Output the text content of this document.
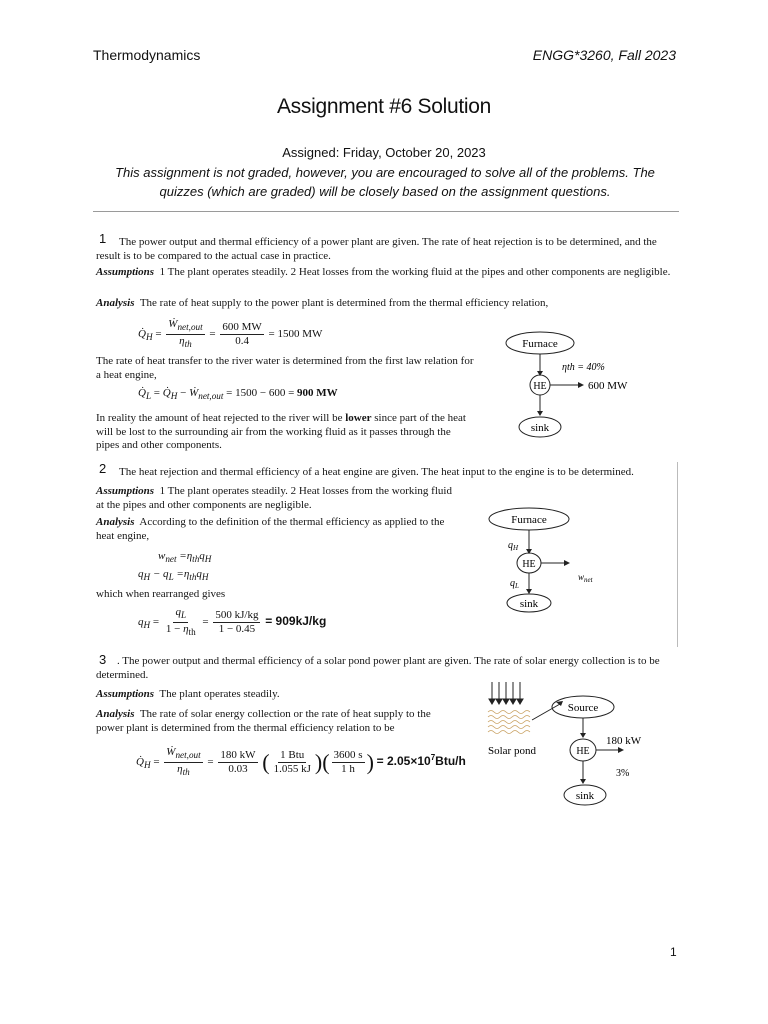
Thermodynamics	ENGG*3260, Fall 2023
Assignment #6 Solution
Assigned: Friday, October 20, 2023
This assignment is not graded, however, you are encouraged to solve all of the problems. The quizzes (which are graded) will be closely based on the assignment questions.
1	The power output and thermal efficiency of a power plant are given. The rate of heat rejection is to be determined, and the result is to be compared to the actual case in practice.
Assumptions 1 The plant operates steadily. 2 Heat losses from the working fluid at the pipes and other components are negligible.
Analysis The rate of heat supply to the power plant is determined from the thermal efficiency relation,
$Q̇_H = \frac{Ẇ_{net,out}}{\eta_{th}} = \frac{600 MW}{0.4} = 1500$ MW
The rate of heat transfer to the river water is determined from the first law relation for a heat engine,
$Q̇_L$ = $Q̇_H$ − Ẇ$_{net,out}$ = 1500 − 600 = 900 MW
In reality the amount of heat rejected to the river will be lower since part of the heat will be lost to the surrounding air from the working fluid as it passes through the pipes and other components.
Furnace
HE
ηth = 40%
600 MW
sink
2 The heat rejection and thermal efficiency of a heat engine are given. The heat input to the engine is to be determined.
Assumptions 1 The plant operates steadily. 2 Heat losses from the working fluid at the pipes and other components are negligible.
Analysis According to the definition of the thermal efficiency as applied to the heat engine,
$w_{net} =\eta_{th}q_H$
$q_H - q_L =\eta_{th}q_H$
which when rearranged gives
$q_H = \frac{q_L}{1 - \eta_{th}} = \frac{500 kJ/kg}{1 - 0.45} = 909kJ/kg$
Furnace
$q_H$
HE
$w_{net}$
$q_L$
sink
3 . The power output and thermal efficiency of a solar pond power plant are given. The rate of solar energy collection is to be determined.
Assumptions The plant operates steadily.
Analysis The rate of solar energy collection or the rate of heat supply to the power plant is determined from the thermal efficiency relation to be
$Q̇_H = \frac{Ẇ_{net,out}}{\eta_{th}} = \frac{180 kW}{0.03}$ ( $\frac{\text{1 Btu}}{1.055 kJ}$ )( $\frac{3600 s}{1 h}$ ) = $2.05\times 10^7Btu/h$
Solar pond
Source
HE
180 kW
3%
sink
1
